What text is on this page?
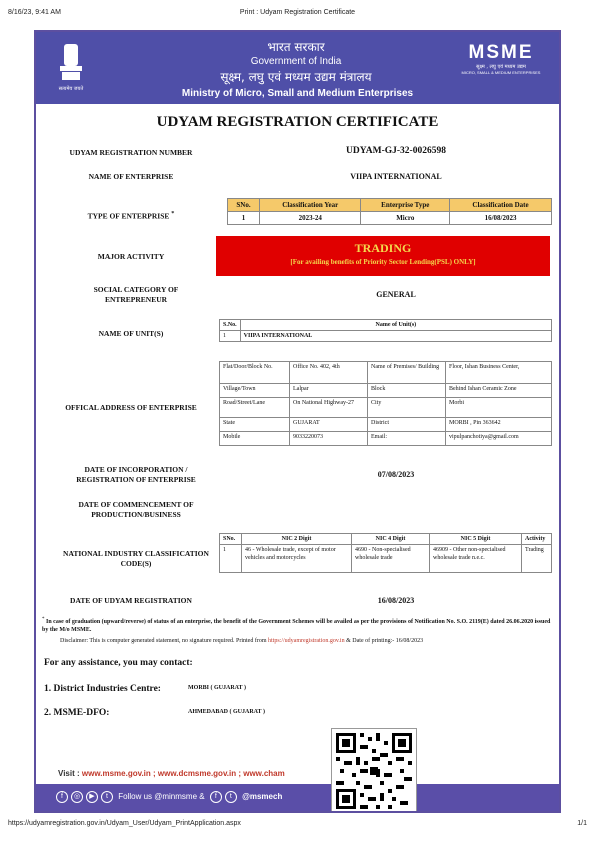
8/16/23, 9:41 AM	Print : Udyam Registration Certificate
सत्यमेव जयते
भारत सरकार
Government of India
सूक्ष्म, लघु एवं मध्यम उद्यम मंत्रालय
Ministry of Micro, Small and Medium Enterprises
MSME
सूक्ष्म , लघु एवं मध्यम उद्यम
MICRO, SMALL & MEDIUM ENTERPRISES
UDYAM REGISTRATION CERTIFICATE
UDYAM REGISTRATION NUMBER	UDYAM-GJ-32-0026598
NAME OF ENTERPRISE	VIIPA INTERNATIONAL
TYPE OF ENTERPRISE *
SNo.	Classification Year	Enterprise Type	Classification Date
1	2023-24	Micro	16/08/2023
MAJOR ACTIVITY
TRADING
[For availing benefits of Priority Sector Lending(PSL) ONLY]
SOCIAL CATEGORY OF ENTREPRENEUR
GENERAL
NAME OF UNIT(S)
S.No.	Name of Unit(s)
1	VIIPA INTERNATIONAL
OFFICAL ADDRESS OF ENTERPRISE
Flat/Door/Block No.	Office No. 402, 4th	Name of Premises/ Building	Floor, Ishan Business Center,
Village/Town	Lalpar	Block	Behind Ishan Ceramic Zone
Road/Street/Lane	On National Highway-27	City	Morbi
State	GUJARAT	District	MORBI , Pin 363642
Mobile	9033220073	Email:	vipulpanchotiya@gmail.com
DATE OF INCORPORATION / REGISTRATION OF ENTERPRISE
07/08/2023
DATE OF COMMENCEMENT OF PRODUCTION/BUSINESS
NATIONAL INDUSTRY CLASSIFICATION CODE(S)
SNo.	NIC 2 Digit	NIC 4 Digit	NIC 5 Digit	Activity
1	46 - Wholesale trade, except of motor vehicles and motorcycles	4690 - Non-specialised wholesale trade	46909 - Other non-specialised wholesale trade n.e.c.	Trading
DATE OF UDYAM REGISTRATION	16/08/2023
* In case of graduation (upward/reverse) of status of an enterprise, the benefit of the Government Schemes will be availed as per the provisions of Notification No. S.O. 2119(E) dated 26.06.2020 issued by the M/o MSME.
Disclaimer: This is computer generated statement, no signature required. Printed from https://udyamregistration.gov.in & Date of printing:- 16/08/2023
For any assistance, you may contact:
1. District Industries Centre:	MORBI ( GUJARAT )
2. MSME-DFO:	AHMEDABAD ( GUJARAT )
Visit : www.msme.gov.in ; www.dcmsme.gov.in ; www.cham
f ◎ ▶ t Follow us @minmsme & f t @msmech
https://udyamregistration.gov.in/Udyam_User/Udyam_PrintApplication.aspx	1/1
